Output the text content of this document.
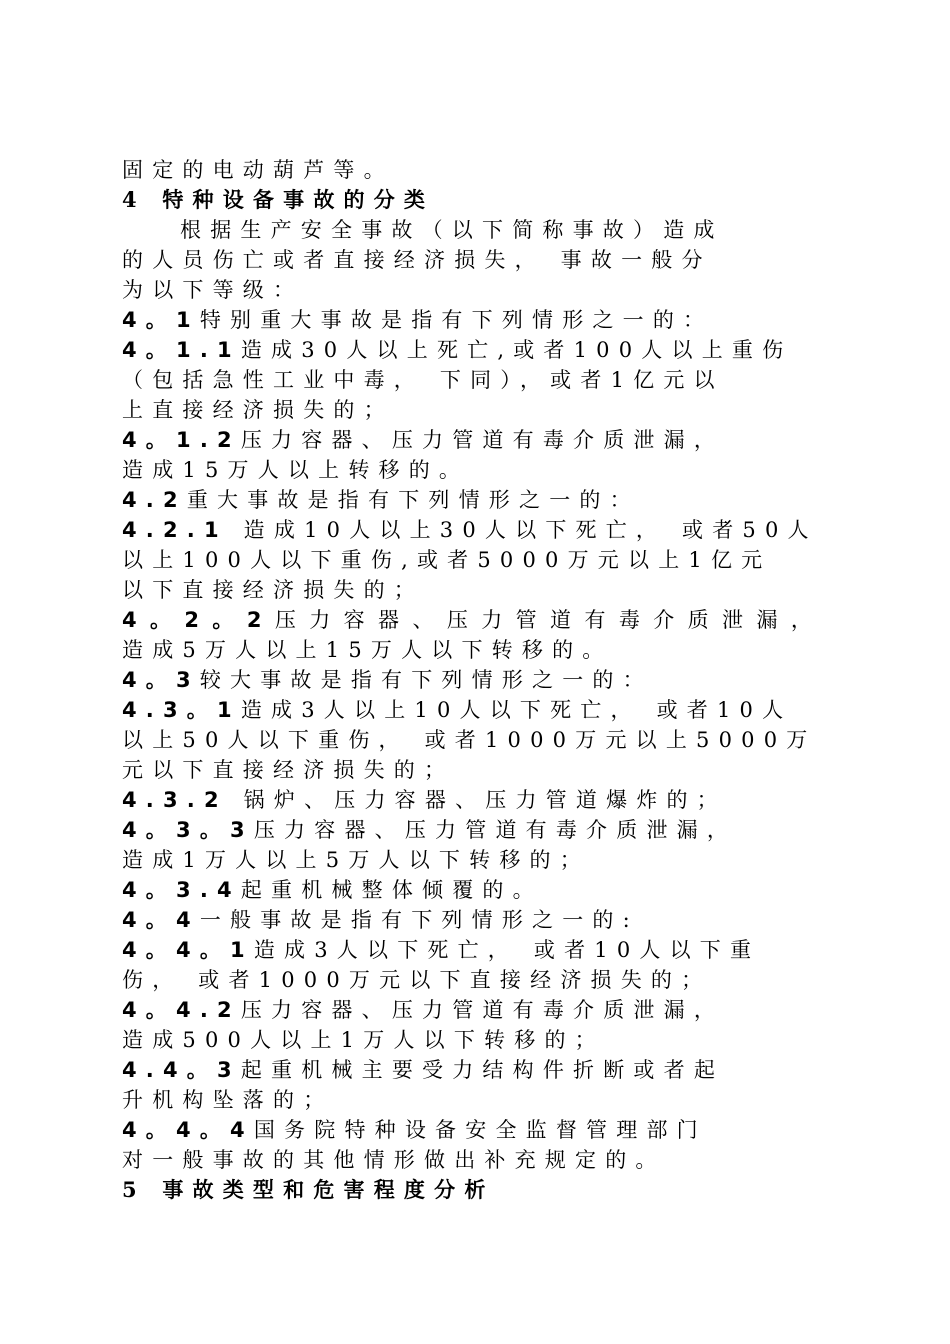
固定的电动葫芦等。
4 特种设备事故的分类
根据生产安全事故（以下简称事故）造成
的人员伤亡或者直接经济损失， 事故一般分
为以下等级：
4。1特别重大事故是指有下列情形之一的：
4。1.1造成30人以上死亡,或者100人以上重伤
（包括急性工业中毒， 下同），或者1亿元以
上直接经济损失的；
4。1.2压力容器、压力管道有毒介质泄漏，
造成15万人以上转移的。
4.2重大事故是指有下列情形之一的：
4.2.1 造成10人以上30人以下死亡， 或者50人
以上100人以下重伤,或者5000万元以上1亿元
以下直接经济损失的；
4。2。2压力容器、压力管道有毒介质泄漏，
造成5万人以上15万人以下转移的。
4。3较大事故是指有下列情形之一的：
4.3。1造成3人以上10人以下死亡， 或者10人
以上50人以下重伤， 或者1000万元以上5000万
元以下直接经济损失的；
4.3.2 锅炉、压力容器、压力管道爆炸的；
4。3。3压力容器、压力管道有毒介质泄漏，
造成1万人以上5万人以下转移的；
4。3.4起重机械整体倾覆的。
4。4一般事故是指有下列情形之一的:
4。4。1造成3人以下死亡， 或者10人以下重
伤， 或者1000万元以下直接经济损失的；
4。4.2压力容器、压力管道有毒介质泄漏，
造成500人以上1万人以下转移的；
4.4。3起重机械主要受力结构件折断或者起
升机构坠落的；
4。4。4国务院特种设备安全监督管理部门
对一般事故的其他情形做出补充规定的。
5 事故类型和危害程度分析
